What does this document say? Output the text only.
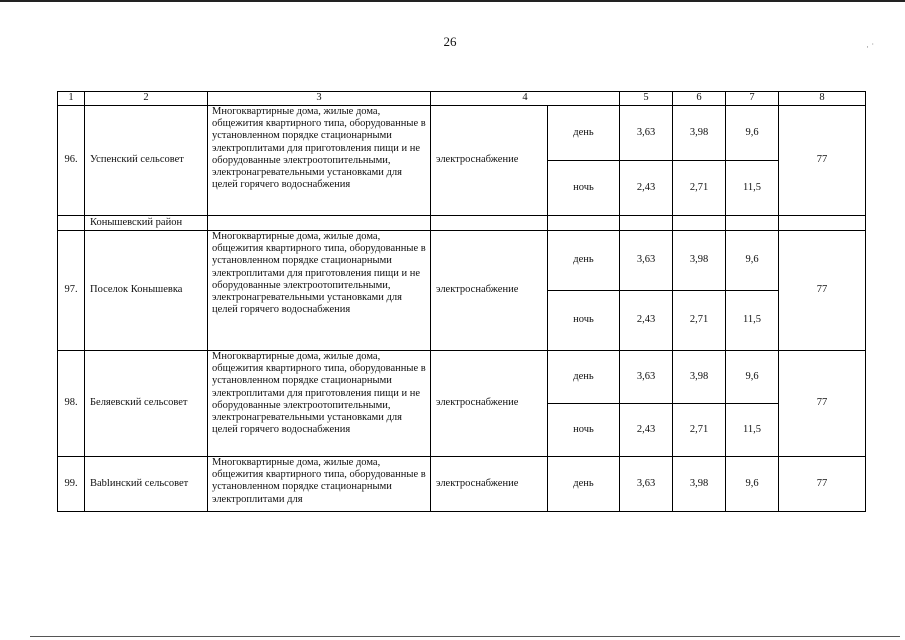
26	· ˙
1	2	3	4		5	6	7	8
96.	Успенский сельсовет	Многоквартирные дома, жилые дома, общежития квартирного типа, оборудованные в установленном порядке стационарными электроплитами для приготовления пищи и не оборудованные электроотопительными, электронагревательными установками для целей горячего водоснабжения	электроснабжение	день	3,63	3,98	9,6	77
				ночь	2,43	2,71	11,5	
	Конышевский район							
97.	Поселок Конышевка	Многоквартирные дома, жилые дома, общежития квартирного типа, оборудованные в установленном порядке стационарными электроплитами для приготовления пищи и не оборудованные электроотопительными, электронагревательными установками для целей горячего водоснабжения	электроснабжение	день	3,63	3,98	9,6	77
				ночь	2,43	2,71	11,5	
98.	Беляевский сельсовет	Многоквартирные дома, жилые дома, общежития квартирного типа, оборудованные в установленном порядке стационарными электроплитами для приготовления пищи и не оборудованные электроотопительными, электронагревательными установками для целей горячего водоснабжения	электроснабжение	день	3,63	3,98	9,6	77
				ночь	2,43	2,71	11,5	
99.	Вablинский сельсовет	Многоквартирные дома, жилые дома, общежития квартирного типа, оборудованные в установленном порядке стационарными электроплитами для	электроснабжение	день	3,63	3,98	9,6	77
